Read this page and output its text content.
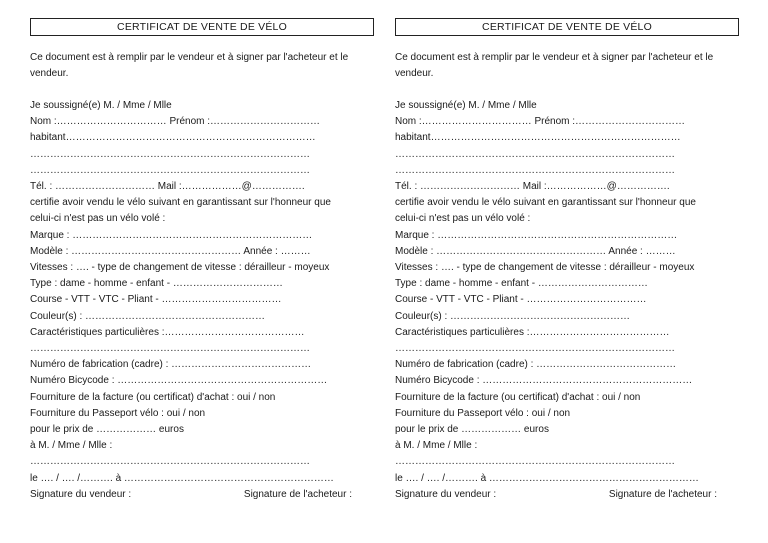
CERTIFICAT DE VENTE DE VÉLO
Ce document est à remplir par le vendeur et à signer par l'acheteur et le vendeur.
Je soussigné(e) M. / Mme / Mlle
Nom :…………………………… Prénom :……………………………
habitant…………………………………………………………………
…………………………………………………………………………
…………………………………………………………………………
Tél. : ………………………… Mail :………………@…………….
certifie avoir vendu le vélo suivant en garantissant sur l'honneur que
celui-ci n'est pas un vélo volé :
Marque : ………………………………………………………………
Modèle : …………………………………………… Année : ………
Vitesses : …. - type de changement de vitesse : dérailleur - moyeux
Type : dame - homme - enfant - ……………………………
Course - VTT - VTC - Pliant - ………………………………
Couleur(s) : ………………………………………………
Caractéristiques particulières :……………………………………
…………………………………………………………………………
Numéro de fabrication (cadre) : ……………………………………
Numéro Bicycode : ………………………………………………………
Fourniture de la facture (ou certificat) d'achat : oui / non
Fourniture du Passeport vélo : oui / non
pour le prix de ……………… euros
à M. / Mme / Mlle :
…………………………………………………………………………
le …. / …. /………. à ………………………………………………………
Signature du vendeur :	Signature de l'acheteur :
CERTIFICAT DE VENTE DE VÉLO
Ce document est à remplir par le vendeur et à signer par l'acheteur et le vendeur.
Je soussigné(e) M. / Mme / Mlle
Nom :…………………………… Prénom :……………………………
habitant…………………………………………………………………
…………………………………………………………………………
…………………………………………………………………………
Tél. : ………………………… Mail :………………@…………….
certifie avoir vendu le vélo suivant en garantissant sur l'honneur que
celui-ci n'est pas un vélo volé :
Marque : ………………………………………………………………
Modèle : …………………………………………… Année : ………
Vitesses : …. - type de changement de vitesse : dérailleur - moyeux
Type : dame - homme - enfant - ……………………………
Course - VTT - VTC - Pliant - ………………………………
Couleur(s) : ………………………………………………
Caractéristiques particulières :……………………………………
…………………………………………………………………………
Numéro de fabrication (cadre) : ……………………………………
Numéro Bicycode : ………………………………………………………
Fourniture de la facture (ou certificat) d'achat : oui / non
Fourniture du Passeport vélo : oui / non
pour le prix de ……………… euros
à M. / Mme / Mlle :
…………………………………………………………………………
le …. / …. /………. à ………………………………………………………
Signature du vendeur :	Signature de l'acheteur :
